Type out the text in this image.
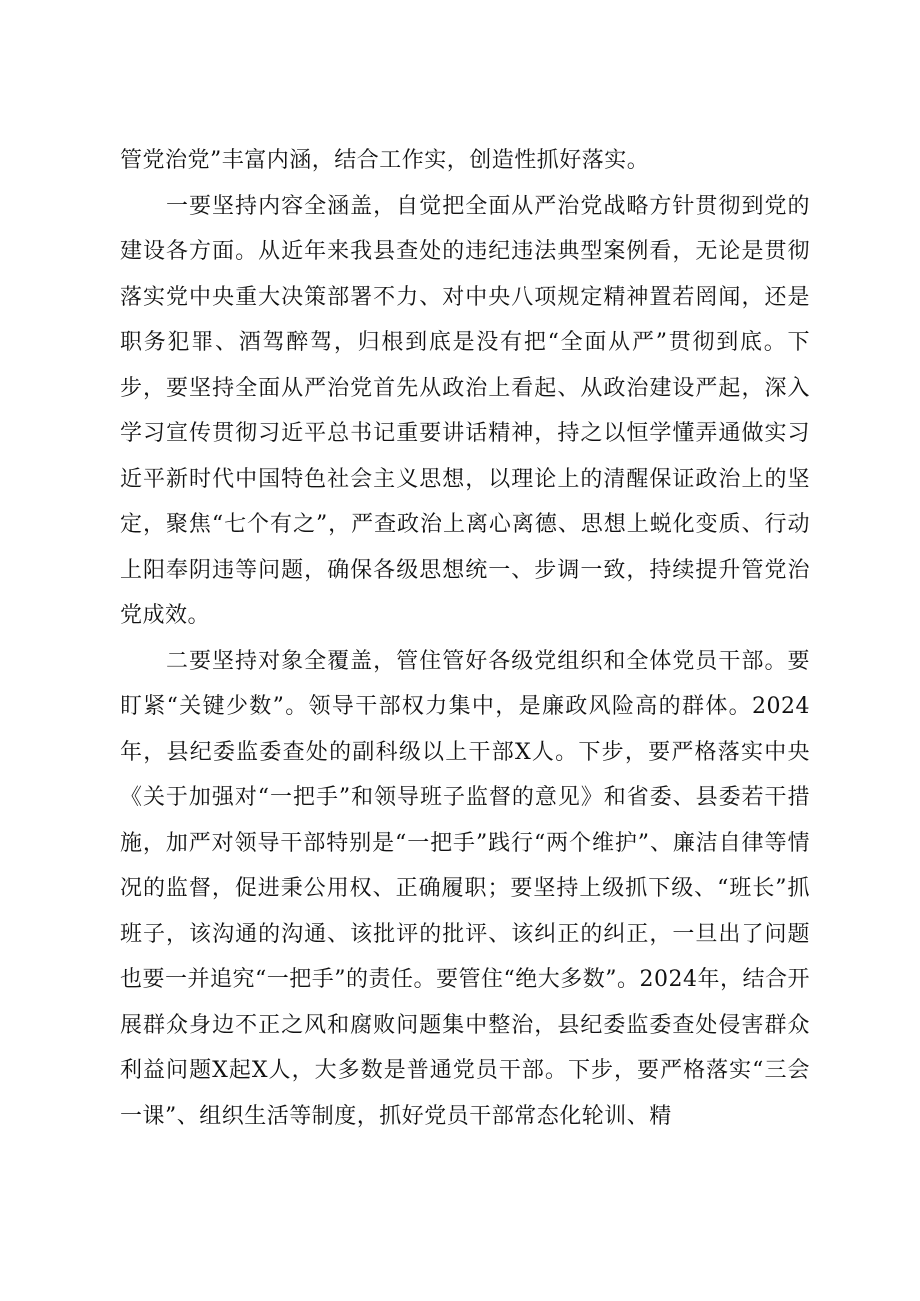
管党治党”丰富内涵，结合工作实，创造性抓好落实。

一要坚持内容全涵盖，自觉把全面从严治党战略方针贯彻到党的建设各方面。从近年来我县查处的违纪违法典型案例看，无论是贯彻落实党中央重大决策部署不力、对中央八项规定精神置若罔闻，还是职务犯罪、酒驾醉驾，归根到底是没有把“全面从严”贯彻到底。下步，要坚持全面从严治党首先从政治上看起、从政治建设严起，深入学习宣传贯彻习近平总书记重要讲话精神，持之以恒学懂弄通做实习近平新时代中国特色社会主义思想，以理论上的清醒保证政治上的坚定，聚焦“七个有之”，严查政治上离心离德、思想上蜕化变质、行动上阳奉阴违等问题，确保各级思想统一、步调一致，持续提升管党治党成效。

二要坚持对象全覆盖，管住管好各级党组织和全体党员干部。要盯紧“关键少数”。领导干部权力集中，是廉政风险高的群体。2024年，县纪委监委查处的副科级以上干部X人。下步，要严格落实中央《关于加强对“一把手”和领导班子监督的意见》和省委、县委若干措施，加严对领导干部特别是“一把手”践行“两个维护”、廉洁自律等情况的监督，促进秉公用权、正确履职；要坚持上级抓下级、“班长”抓班子，该沟通的沟通、该批评的批评、该纠正的纠正，一旦出了问题也要一并追究“一把手”的责任。要管住“绝大多数”。2024年，结合开展群众身边不正之风和腐败问题集中整治，县纪委监委查处侵害群众利益问题X起X人，大多数是普通党员干部。下步，要严格落实“三会一课”、组织生活等制度，抓好党员干部常态化轮训、精
